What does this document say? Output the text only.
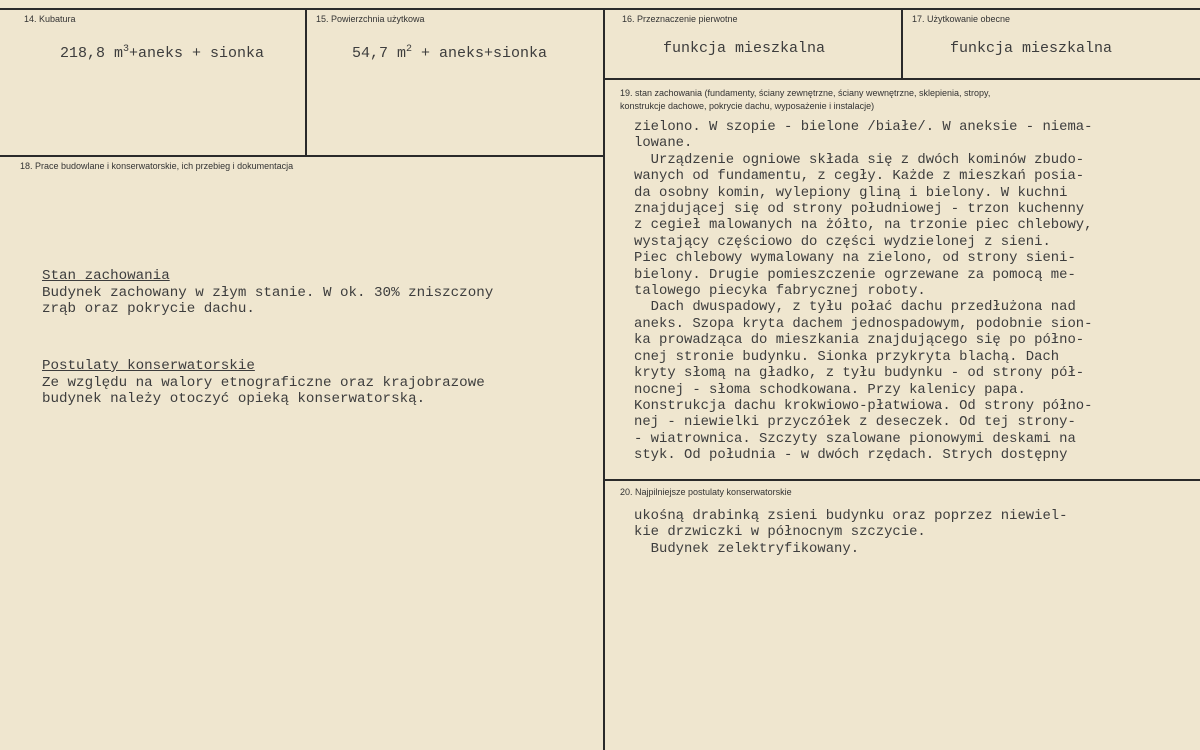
14. Kubatura
218,8 $m^3+aneks$ + sionka
15. Powierzchnia użytkowa
54,7 $m^2$ + aneks+sionka
16. Przeznaczenie pierwotne
funkcja mieszkalna
17. Użytkowanie obecne
funkcja mieszkalna
18. Prace budowlane i konserwatorskie, ich przebieg i dokumentacja
Stan zachowania
Budynek zachowany w złym stanie. W ok. 30% zniszczony
zrąb oraz pokrycie dachu.
Postulaty konserwatorskie
Ze względu na walory etnograficzne oraz krajobrazowe
budynek należy otoczyć opieką konserwatorską.
19. stan zachowania (fundamenty, ściany zewnętrzne, ściany wewnętrzne, sklepienia, stropy,
konstrukcje dachowe, pokrycie dachu, wyposażenie i instalacje)
zielono. W szopie - bielone /białe/. W aneksie - niema-
lowane.
Urządzenie ogniowe składa się z dwóch kominów zbudo-
wanych od fundamentu, z cegły. Każde z mieszkań posia-
da osobny komin, wylepiony gliną i bielony. W kuchni
znajdującej się od strony południowej - trzon kuchenny
z cegieł malowanych na żółto, na trzonie piec chlebowy,
wystający częściowo do części wydzielonej z sieni.
Piec chlebowy wymalowany na zielono, od strony sieni-
bielony. Drugie pomieszczenie ogrzewane za pomocą me-
talowego piecyka fabrycznej roboty.
Dach dwuspadowy, z tyłu połać dachu przedłużona nad
aneks. Szopa kryta dachem jednospadowym, podobnie sion-
ka prowadząca do mieszkania znajdującego się po półno-
cnej stronie budynku. Sionka przykryta blachą. Dach
kryty słomą na gładko, z tyłu budynku - od strony pół-
nocnej - słoma schodkowana. Przy kalenicy papa.
Konstrukcja dachu krokwiowo-płatwiowa. Od strony półno-
nej - niewielki przyczółek z deseczek. Od tej strony-
- wiatrownica. Szczyty szalowane pionowymi deskami na
styk. Od południa - w dwóch rzędach. Strych dostępny
20. Najpilniejsze postulaty konserwatorskie
ukośną drabinką zsieni budynku oraz poprzez niewiel-
kie drzwiczki w północnym szczycie.
Budynek zelektryfikowany.
